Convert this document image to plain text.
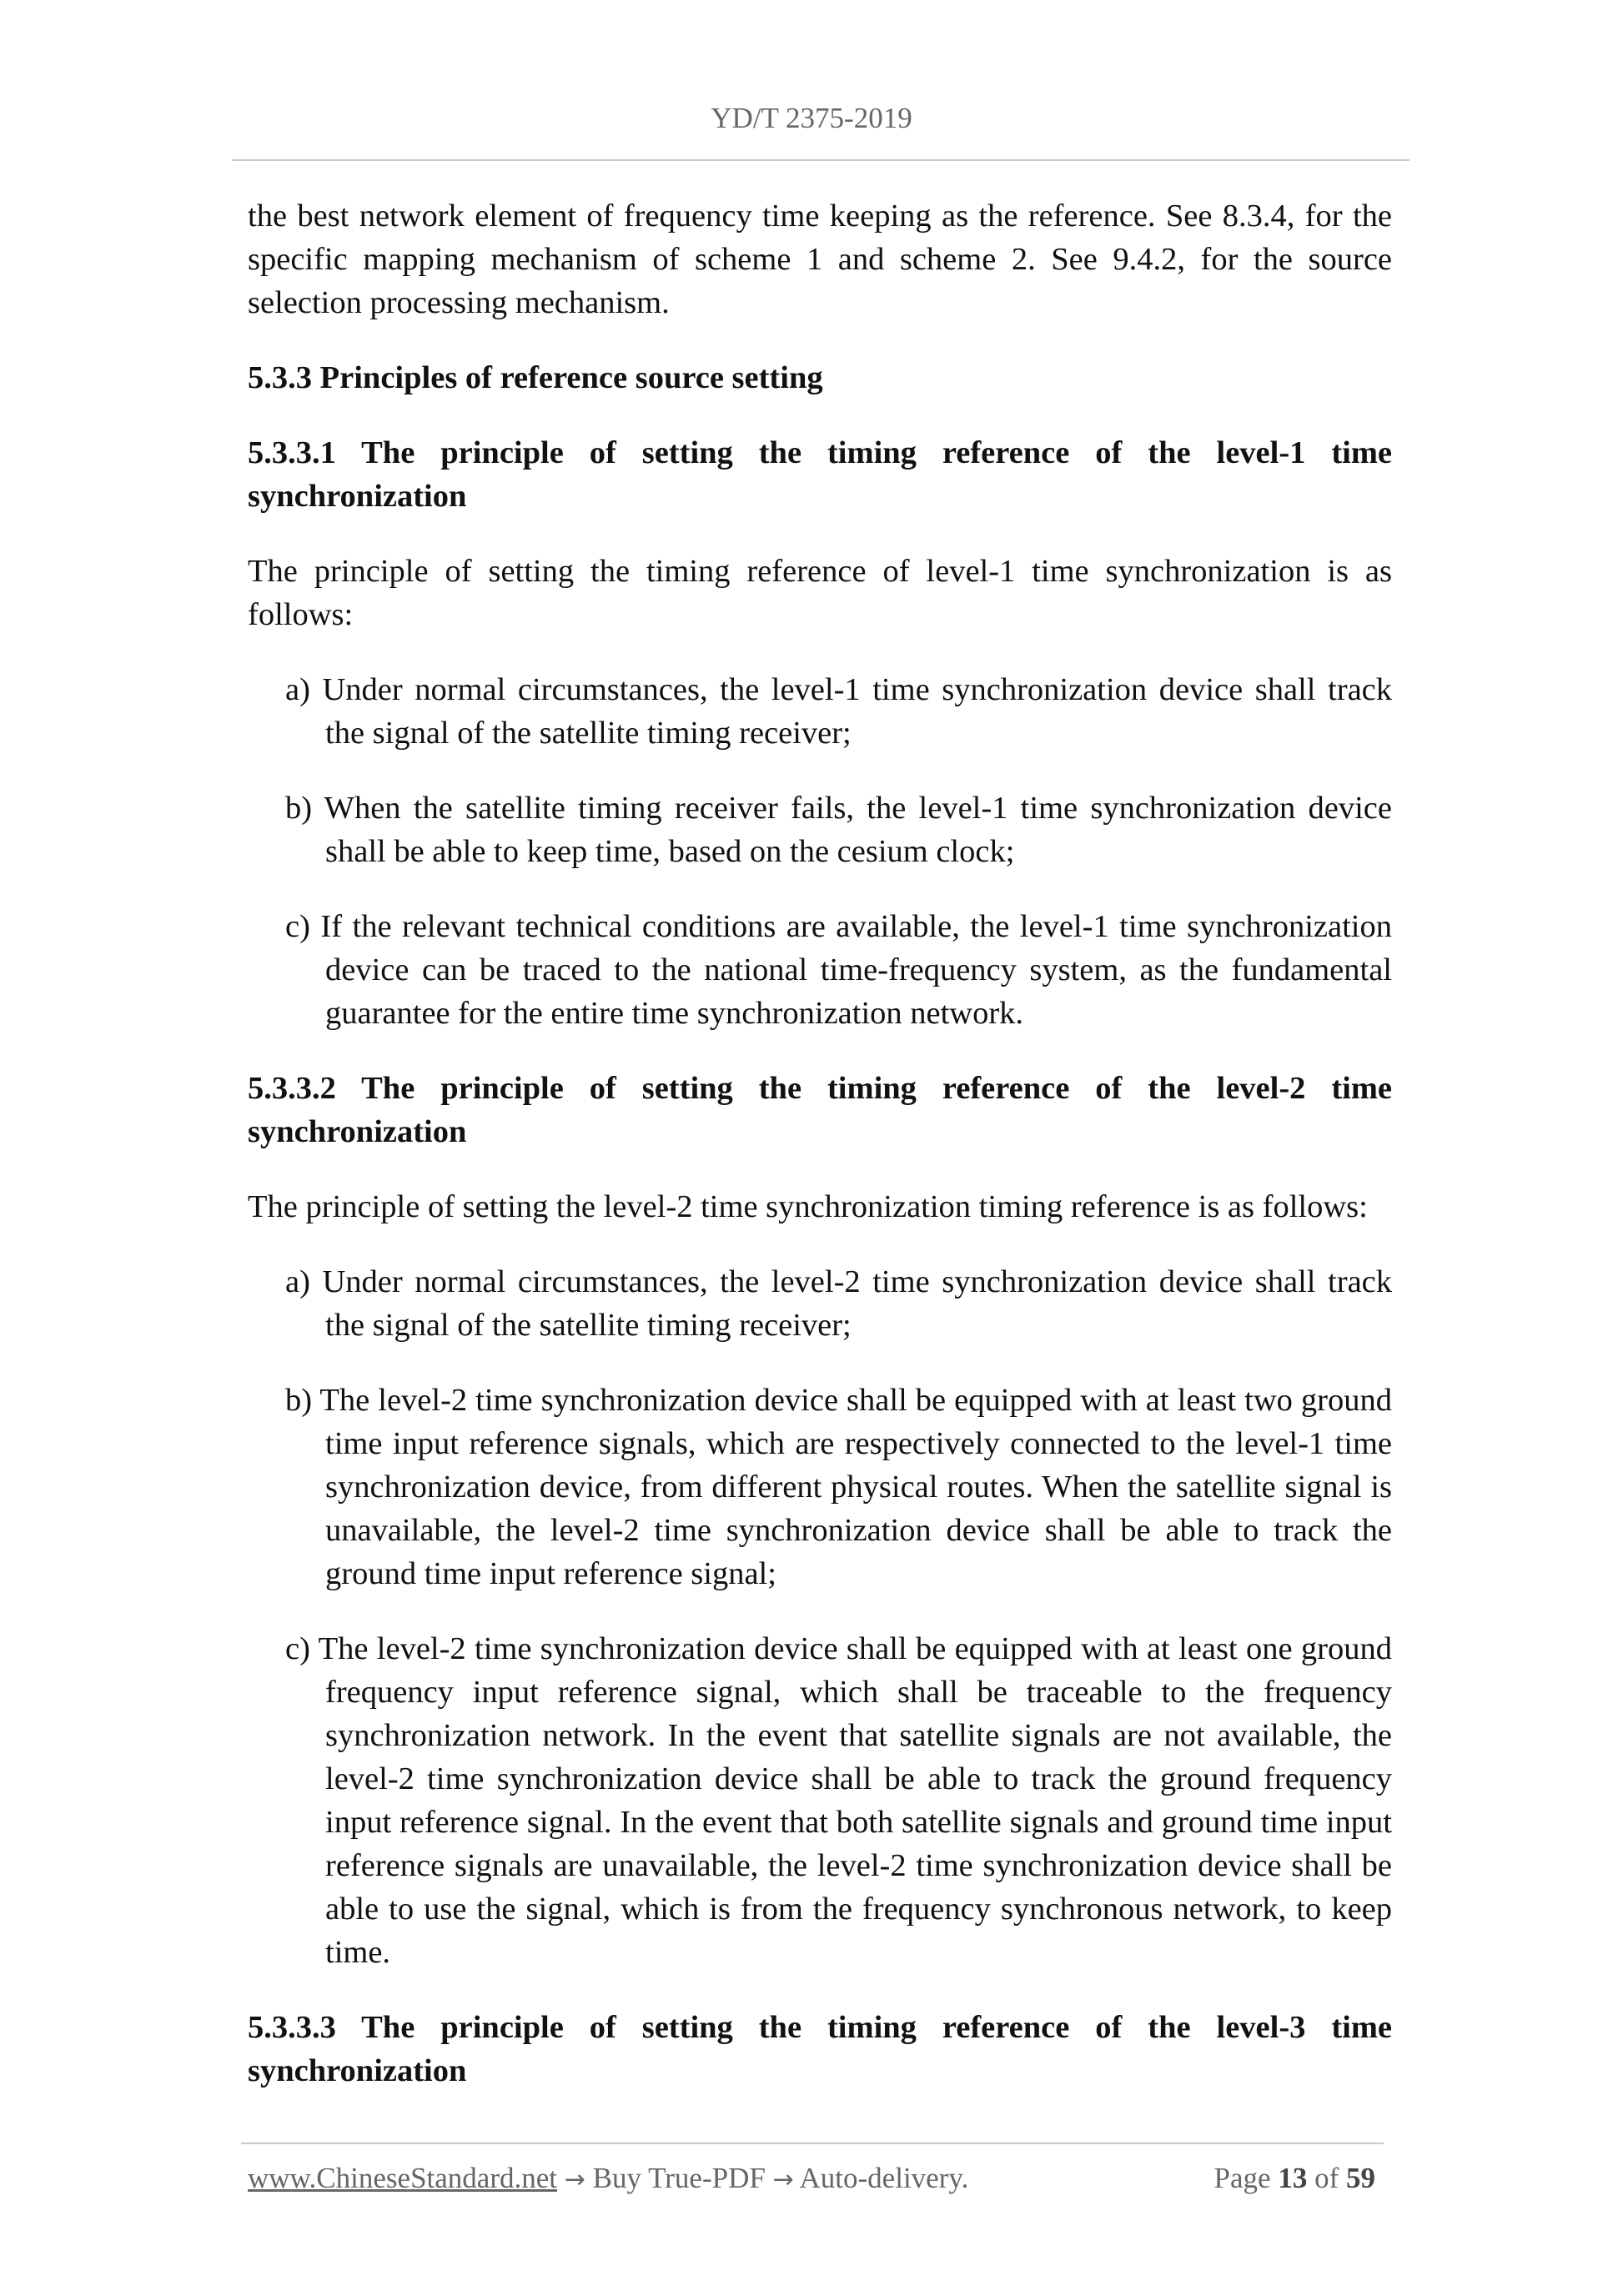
YD/T 2375-2019

the best network element of frequency time keeping as the reference. See 8.3.4, for the specific mapping mechanism of scheme 1 and scheme 2. See 9.4.2, for the source selection processing mechanism.

5.3.3 Principles of reference source setting

5.3.3.1 The principle of setting the timing reference of the level-1 time synchronization

The principle of setting the timing reference of level-1 time synchronization is as follows:

a) Under normal circumstances, the level-1 time synchronization device shall track the signal of the satellite timing receiver;

b) When the satellite timing receiver fails, the level-1 time synchronization device shall be able to keep time, based on the cesium clock;

c) If the relevant technical conditions are available, the level-1 time synchronization device can be traced to the national time-frequency system, as the fundamental guarantee for the entire time synchronization network.

5.3.3.2 The principle of setting the timing reference of the level-2 time synchronization

The principle of setting the level-2 time synchronization timing reference is as follows:

a) Under normal circumstances, the level-2 time synchronization device shall track the signal of the satellite timing receiver;

b) The level-2 time synchronization device shall be equipped with at least two ground time input reference signals, which are respectively connected to the level-1 time synchronization device, from different physical routes. When the satellite signal is unavailable, the level-2 time synchronization device shall be able to track the ground time input reference signal;

c) The level-2 time synchronization device shall be equipped with at least one ground frequency input reference signal, which shall be traceable to the frequency synchronization network. In the event that satellite signals are not available, the level-2 time synchronization device shall be able to track the ground frequency input reference signal. In the event that both satellite signals and ground time input reference signals are unavailable, the level-2 time synchronization device shall be able to use the signal, which is from the frequency synchronous network, to keep time.

5.3.3.3 The principle of setting the timing reference of the level-3 time synchronization

www.ChineseStandard.net → Buy True-PDF → Auto-delivery.	Page 13 of 59
